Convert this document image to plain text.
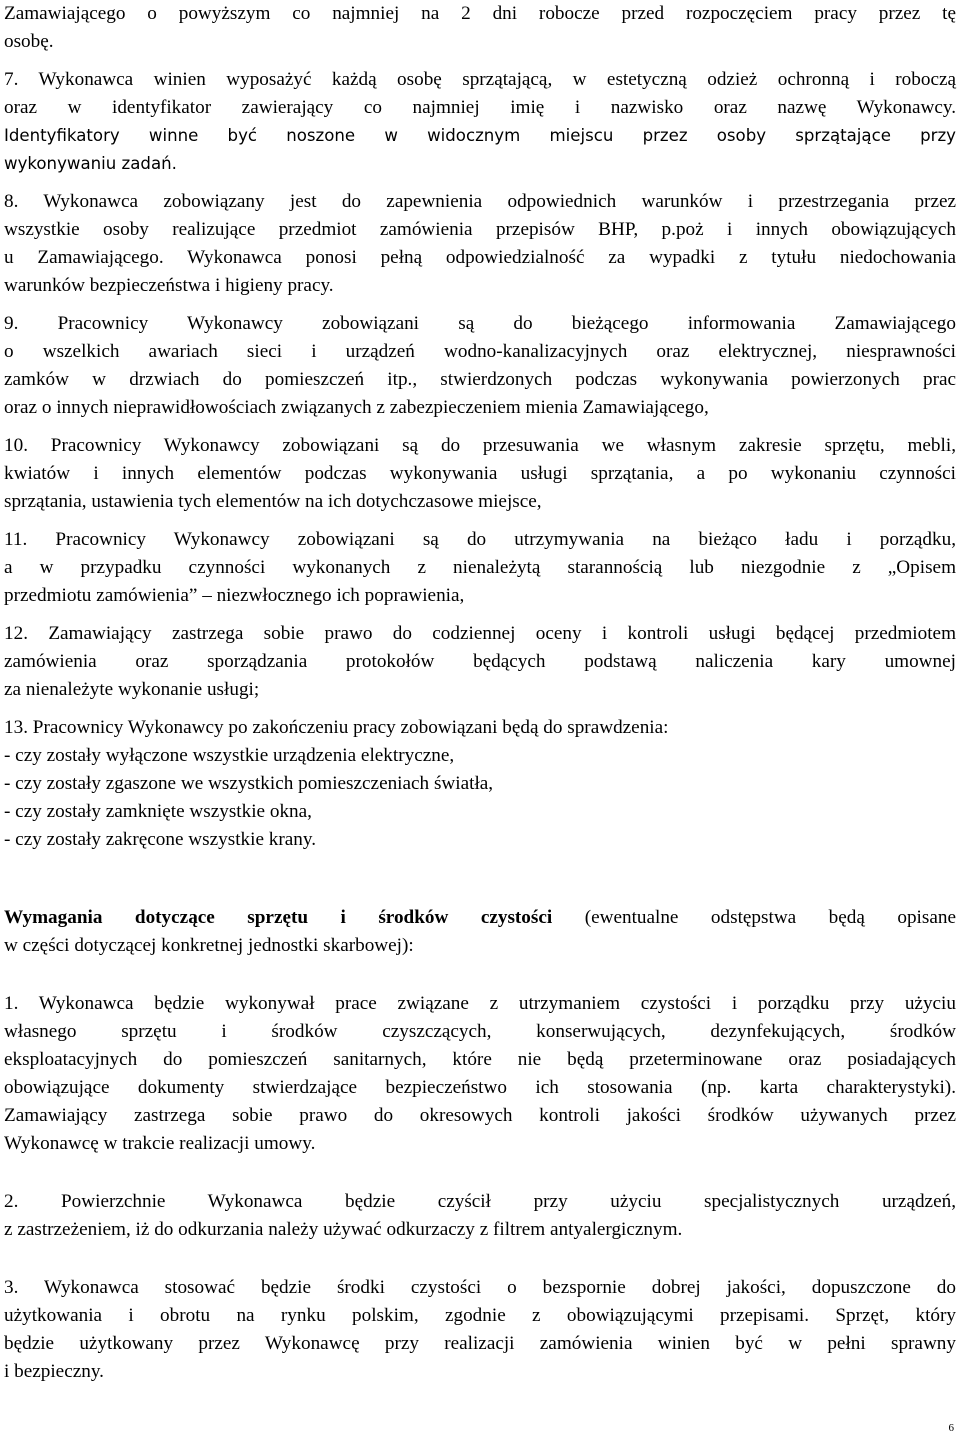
Zamawiającego o powyższym co najmniej na 2 dni robocze przed rozpoczęciem pracy przez tę
osobę.
7. Wykonawca winien wyposażyć każdą osobę sprzątającą, w estetyczną odzież ochronną i roboczą
oraz w identyfikator zawierający co najmniej imię i nazwisko oraz nazwę Wykonawcy.
Identyfikatory winne być noszone w widocznym miejscu przez osoby sprzątające przy
wykonywaniu zadań.
8. Wykonawca zobowiązany jest do zapewnienia odpowiednich warunków i przestrzegania przez
wszystkie osoby realizujące przedmiot zamówienia przepisów BHP, p.poż i innych obowiązujących
u Zamawiającego. Wykonawca ponosi pełną odpowiedzialność za wypadki z tytułu niedochowania
warunków bezpieczeństwa i higieny pracy.
9. Pracownicy Wykonawcy zobowiązani są do bieżącego informowania Zamawiającego
o wszelkich awariach sieci i urządzeń wodno-kanalizacyjnych oraz elektrycznej, niesprawności
zamków w drzwiach do pomieszczeń itp., stwierdzonych podczas wykonywania powierzonych prac
oraz o innych nieprawidłowościach związanych z zabezpieczeniem mienia Zamawiającego,
10. Pracownicy Wykonawcy zobowiązani są do przesuwania we własnym zakresie sprzętu, mebli,
kwiatów i innych elementów podczas wykonywania usługi sprzątania, a po wykonaniu czynności
sprzątania, ustawienia tych elementów na ich dotychczasowe miejsce,
11. Pracownicy Wykonawcy zobowiązani są do utrzymywania na bieżąco ładu i porządku,
a w przypadku czynności wykonanych z nienależytą starannością lub niezgodnie z „Opisem
przedmiotu zamówienia” – niezwłocznego ich poprawienia,
12. Zamawiający zastrzega sobie prawo do codziennej oceny i kontroli usługi będącej przedmiotem
zamówienia oraz sporządzania protokołów będących podstawą naliczenia kary umownej
za nienależyte wykonanie usługi;
13. Pracownicy Wykonawcy po zakończeniu pracy zobowiązani będą do sprawdzenia:
- czy zostały wyłączone wszystkie urządzenia elektryczne,
- czy zostały zgaszone we wszystkich pomieszczeniach światła,
- czy zostały zamknięte wszystkie okna,
- czy zostały zakręcone wszystkie krany.
Wymagania dotyczące sprzętu i środków czystości (ewentualne odstępstwa będą opisane
w części dotyczącej konkretnej jednostki skarbowej):
1. Wykonawca będzie wykonywał prace związane z utrzymaniem czystości i porządku przy użyciu
własnego sprzętu i środków czyszczących, konserwujących, dezynfekujących, środków
eksploatacyjnych do pomieszczeń sanitarnych, które nie będą przeterminowane oraz posiadających
obowiązujące dokumenty stwierdzające bezpieczeństwo ich stosowania (np. karta charakterystyki).
Zamawiający zastrzega sobie prawo do okresowych kontroli jakości środków używanych przez
Wykonawcę w trakcie realizacji umowy.
2. Powierzchnie Wykonawca będzie czyścił przy użyciu specjalistycznych urządzeń,
z zastrzeżeniem, iż do odkurzania należy używać odkurzaczy z filtrem antyalergicznym.
3. Wykonawca stosować będzie środki czystości o bezspornie dobrej jakości, dopuszczone do
użytkowania i obrotu na rynku polskim, zgodnie z obowiązującymi przepisami. Sprzęt, który
będzie użytkowany przez Wykonawcę przy realizacji zamówienia winien być w pełni sprawny
i bezpieczny.
6
